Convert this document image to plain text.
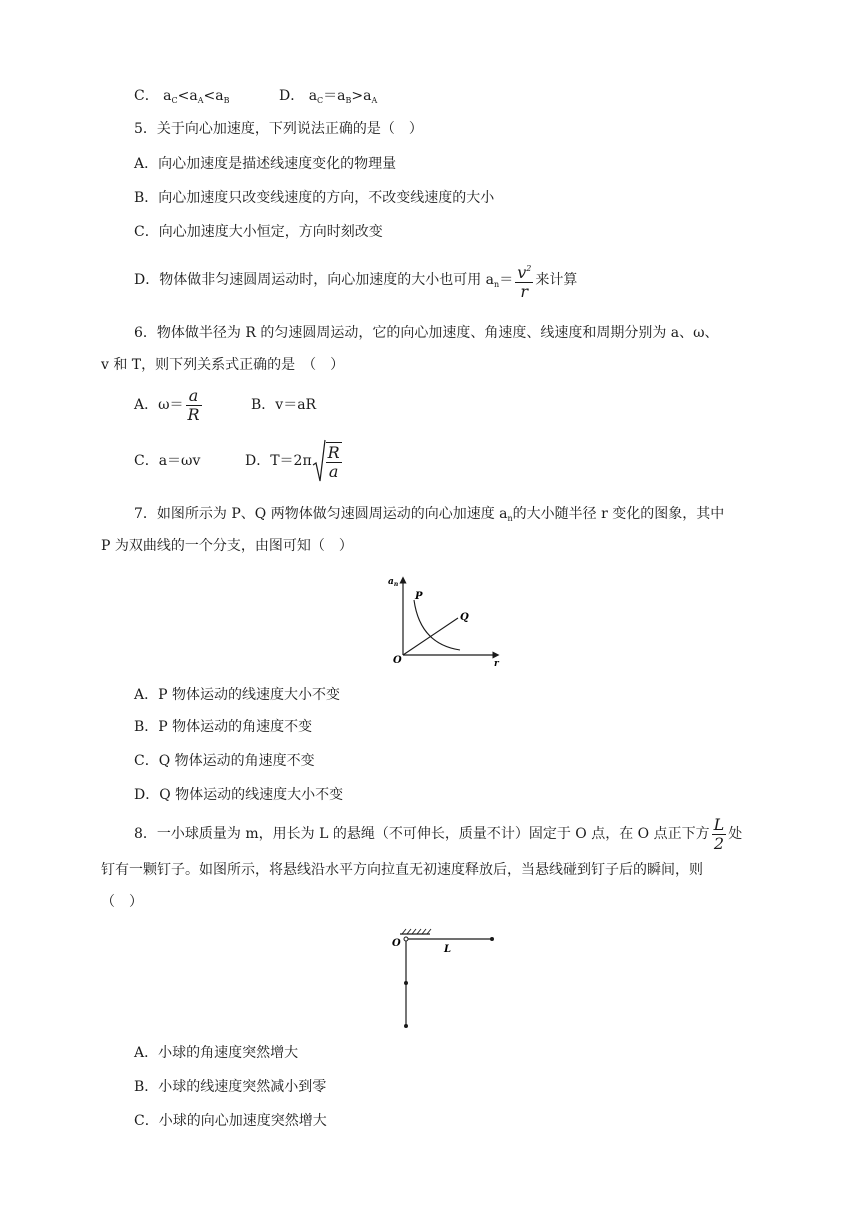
C． $a_C<a_A<a_B$	D． $a_C=a_B>a_A$
5．关于向心加速度，下列说法正确的是（　）
A．向心加速度是描述线速度变化的物理量
B．向心加速度只改变线速度的方向，不改变线速度的大小
C．向心加速度大小恒定，方向时刻改变
D．物体做非匀速圆周运动时，向心加速度的大小也可用 $a_n= \frac{v^2}{r}$ 来计算
6．物体做半径为 R 的匀速圆周运动，它的向心加速度、角速度、线速度和周期分别为 a、ω、
v 和 T，则下列关系式正确的是　（　）
A．$\omega= \frac{a}{R}$	B．v＝aR
C．a＝ωv	D．$T=2\pi \frac{R}{a}$
7．如图所示为 P、Q 两物体做匀速圆周运动的向心加速度 $a_n$的大小随半径 r 变化的图象，其中
P 为双曲线的一个分支，由图可知（　）
$a_n$
r
O
P
Q
A．P 物体运动的线速度大小不变
B．P 物体运动的角速度不变
C．Q 物体运动的角速度不变
D．Q 物体运动的线速度大小不变
8．一小球质量为 m，用长为 L 的悬绳（不可伸长，质量不计）固定于 O 点，在 O 点正下方 $\frac{L}{2}$ 处
钉有一颗钉子。如图所示，将悬线沿水平方向拉直无初速度释放后，当悬线碰到钉子后的瞬间，则
（　）
O
L
A．小球的角速度突然增大
B．小球的线速度突然减小到零
C．小球的向心加速度突然增大
